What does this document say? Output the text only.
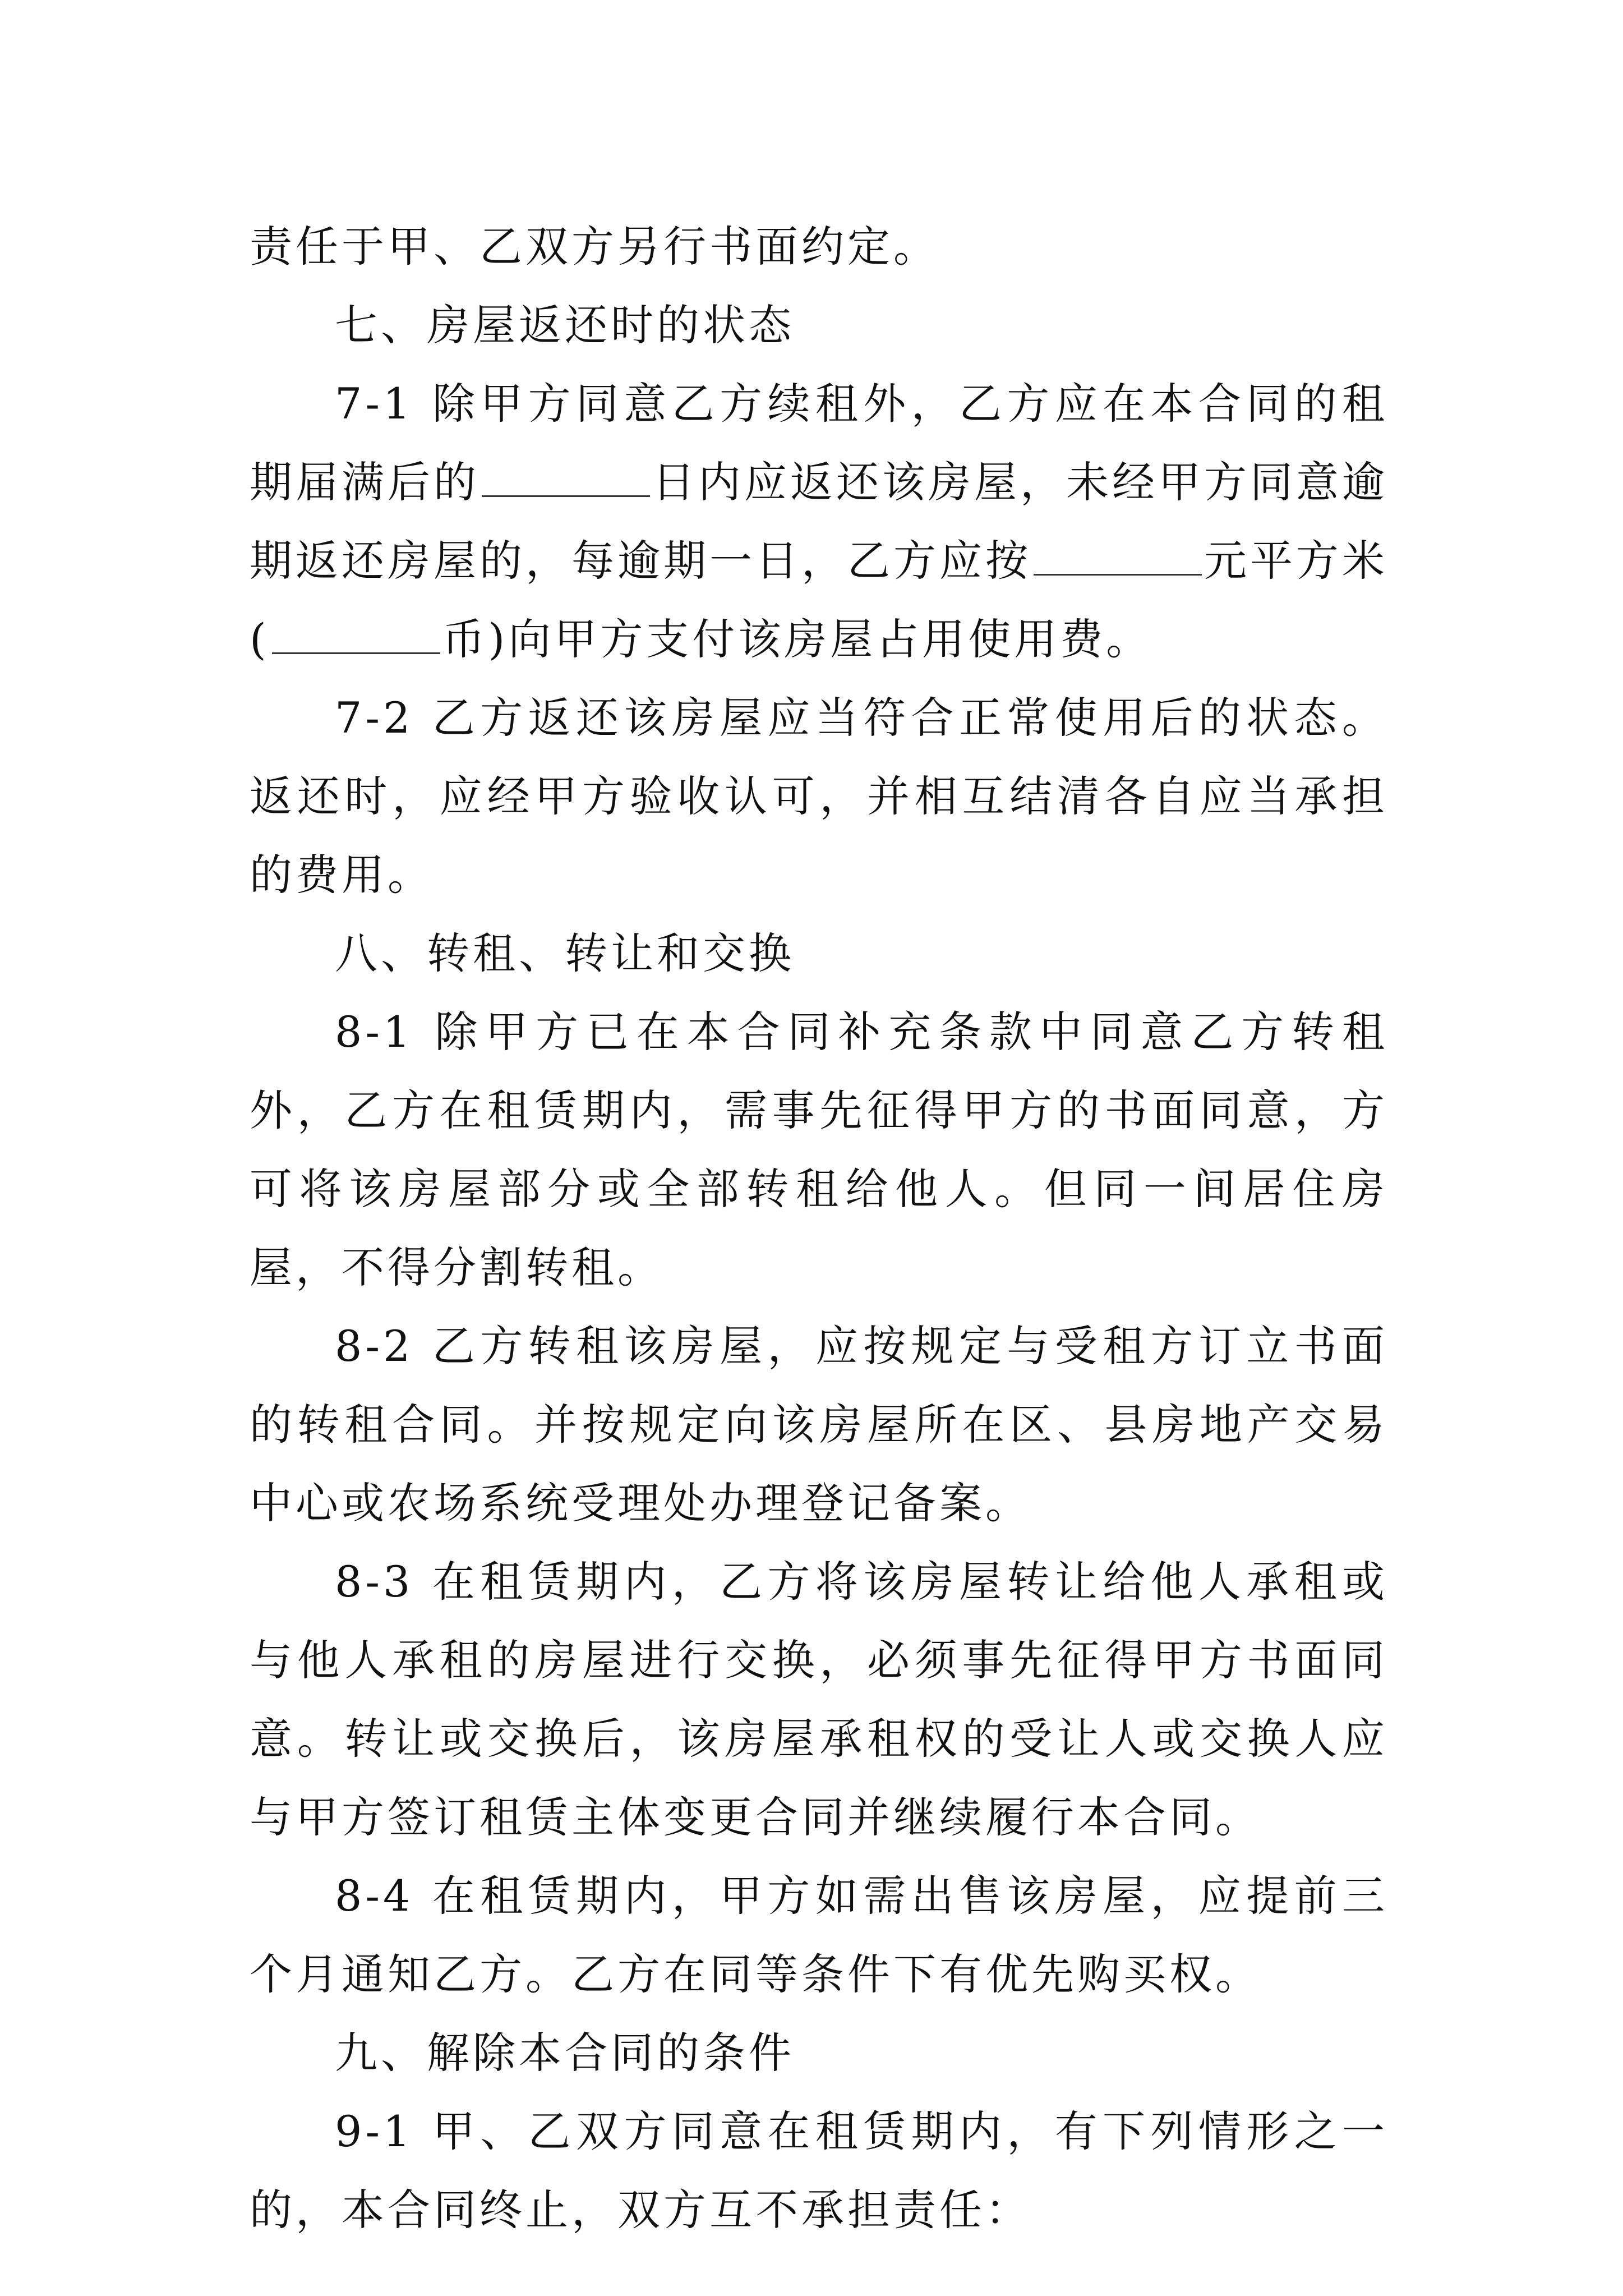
责任于甲、乙双方另行书面约定。

七、房屋返还时的状态

7-1 除甲方同意乙方续租外，乙方应在本合同的租期届满后的	日内应返还该房屋，未经甲方同意逾期返还房屋的，每逾期一日，乙方应按	元平方米(	币)向甲方支付该房屋占用使用费。

7-2 乙方返还该房屋应当符合正常使用后的状态。返还时，应经甲方验收认可，并相互结清各自应当承担的费用。

八、转租、转让和交换

8-1 除甲方已在本合同补充条款中同意乙方转租外，乙方在租赁期内，需事先征得甲方的书面同意，方可将该房屋部分或全部转租给他人。但同一间居住房屋，不得分割转租。

8-2 乙方转租该房屋，应按规定与受租方订立书面的转租合同。并按规定向该房屋所在区、县房地产交易中心或农场系统受理处办理登记备案。

8-3 在租赁期内，乙方将该房屋转让给他人承租或与他人承租的房屋进行交换，必须事先征得甲方书面同意。转让或交换后，该房屋承租权的受让人或交换人应与甲方签订租赁主体变更合同并继续履行本合同。

8-4 在租赁期内，甲方如需出售该房屋，应提前三个月通知乙方。乙方在同等条件下有优先购买权。

九、解除本合同的条件

9-1 甲、乙双方同意在租赁期内，有下列情形之一的，本合同终止，双方互不承担责任：
